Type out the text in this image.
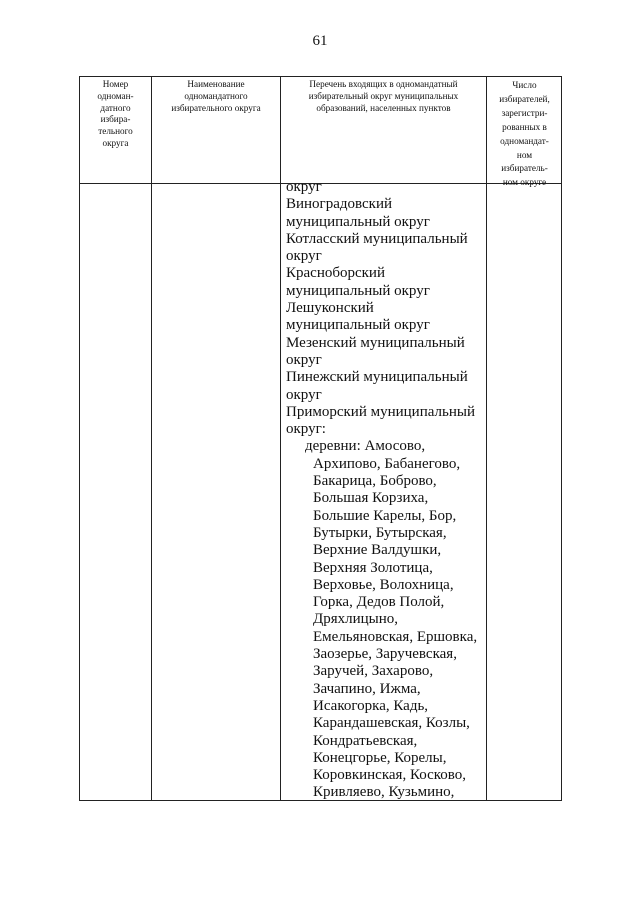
61
Номер
одноман-
датного
избира-
тельного
округа
Наименование
одномандатного
избирательного округа
Перечень входящих в одномандатный
избирательный округ муниципальных
образований, населенных пунктов
Число
избирателей,
зарегистри-
рованных в
одномандат-
ном
избиратель-
ном округе
округ
Виноградовский
муниципальный округ
Котласский муниципальный
округ
Красноборский
муниципальный округ
Лешуконский
муниципальный округ
Мезенский муниципальный
округ
Пинежский муниципальный
округ
Приморский муниципальный
округ:
деревни: Амосово,
Архипово, Бабанегово,
Бакарица, Боброво,
Большая Корзиха,
Большие Карелы, Бор,
Бутырки, Бутырская,
Верхние Валдушки,
Верхняя Золотица,
Верховье, Волохница,
Горка, Дедов Полой,
Дряхлицыно,
Емельяновская, Ершовка,
Заозерье, Заручевская,
Заручей, Захарово,
Зачапино, Ижма,
Исакогорка, Кадь,
Карандашевская, Козлы,
Кондратьевская,
Конецгорье, Корелы,
Коровкинская, Косково,
Кривляево, Кузьмино,
